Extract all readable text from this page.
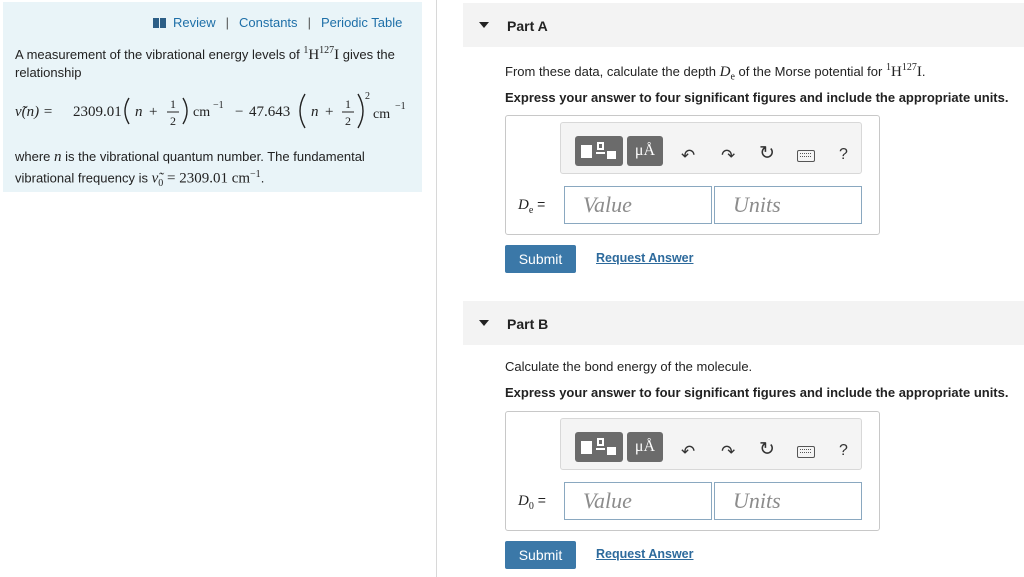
Review | Constants | Periodic Table
A measurement of the vibrational energy levels of $^1H^{127}I$ gives the relationship
ν̃(n) = 2309.01 n + 1
2
cm −1 − 47.643 n + 1
2
2
cm
−1
where n is the vibrational quantum number. The fundamental vibrational frequency is $\nũ_0 = 2309.01$ $cm^{-1}$.
Part A
From these data, calculate the depth $D_e$ of the Morse potential for $^1H^{127}I$.
Express your answer to four significant figures and include the appropriate units.
μÅ	↶ ↷ ↻	?
$D_e$ =	Value	Units
Submit	Request Answer
Part B
Calculate the bond energy of the molecule.
Express your answer to four significant figures and include the appropriate units.
μÅ	↶ ↷ ↻	?
$D_0$ =	Value	Units
Submit	Request Answer
